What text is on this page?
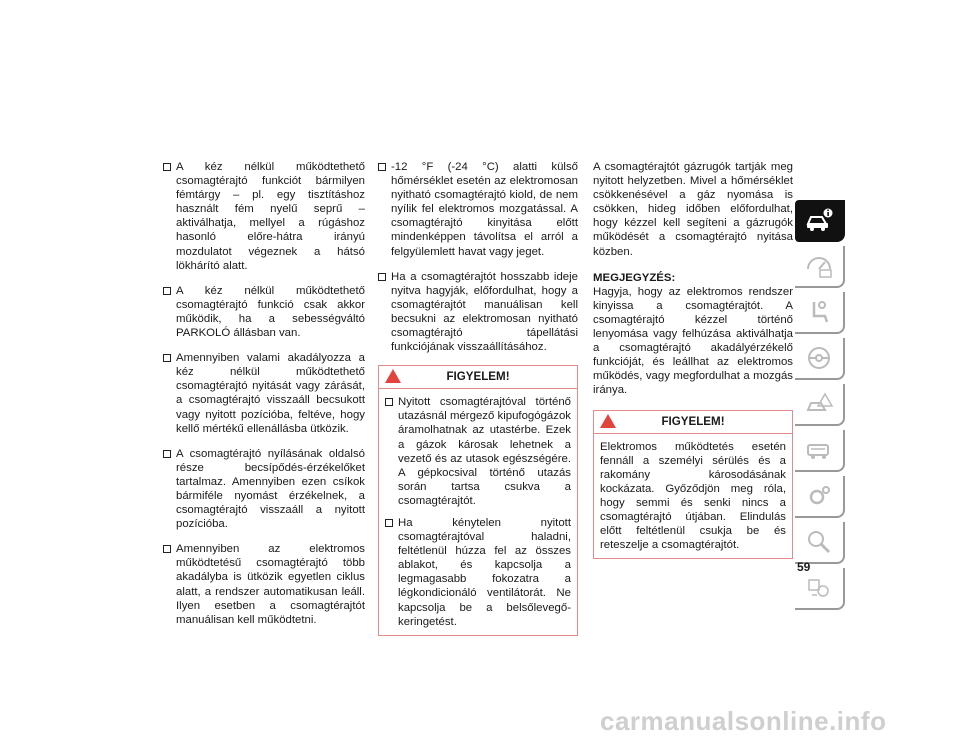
A kéz nélkül működtethető csomagtérajtó funkciót bármilyen fémtárgy – pl. egy tisztításhoz használt fém nyelű seprű – aktiválhatja, mellyel a rúgáshoz hasonló előre-hátra irányú mozdulatot végeznek a hátsó lökhárító alatt.
A kéz nélkül működtethető csomagtérajtó funkció csak akkor működik, ha a sebességváltó PARKOLÓ állásban van.
Amennyiben valami akadályozza a kéz nélkül működtethető csomagtérajtó nyitását vagy zárását, a csomagtérajtó visszaáll becsukott vagy nyitott pozícióba, feltéve, hogy kellő mértékű ellenállásba ütközik.
A csomagtérajtó nyílásának oldalsó része becsípődés-érzékelőket tartalmaz. Amennyiben ezen csíkok bármiféle nyomást érzékelnek, a csomagtérajtó visszaáll a nyitott pozícióba.
Amennyiben az elektromos működtetésű csomagtérajtó több akadályba is ütközik egyetlen ciklus alatt, a rendszer automatikusan leáll. Ilyen esetben a csomagtérajtót manuálisan kell működtetni.
-12 °F (-24 °C) alatti külső hőmérséklet esetén az elektromosan nyitható csomagtérajtó kiold, de nem nyílik fel elektromos mozgatással. A csomagtérajtó kinyitása előtt mindenképpen távolítsa el arról a felgyülemlett havat vagy jeget.
Ha a csomagtérajtót hosszabb ideje nyitva hagyják, előfordulhat, hogy a csomagtérajtót manuálisan kell becsukni az elektromosan nyitható csomagtérajtó tápellátási funkciójának visszaállításához.
FIGYELEM!
Nyitott csomagtérajtóval történő utazásnál mérgező kipufogógázok áramolhatnak az utastérbe. Ezek a gázok károsak lehetnek a vezető és az utasok egészségére. A gépkocsival történő utazás során tartsa csukva a csomagtérajtót.
Ha kénytelen nyitott csomagtérajtóval haladni, feltétlenül húzza fel az összes ablakot, és kapcsolja a legmagasabb fokozatra a légkondicionáló ventilátorát. Ne kapcsolja be a belsőlevegő-keringetést.
A csomagtérajtót gázrugók tartják meg nyitott helyzetben. Mivel a hőmérséklet csökkenésével a gáz nyomása is csökken, hideg időben előfordulhat, hogy kézzel kell segíteni a gázrugók működését a csomagtérajtó nyitása közben.
MEGJEGYZÉS:
Hagyja, hogy az elektromos rendszer kinyissa a csomagtérajtót. A csomagtérajtó kézzel történő lenyomása vagy felhúzása aktiválhatja a csomagtérajtó akadályérzékelő funkcióját, és leállhat az elektromos működés, vagy megfordulhat a mozgás iránya.
FIGYELEM!
Elektromos működtetés esetén fennáll a személyi sérülés és a rakomány károsodásának kockázata. Győződjön meg róla, hogy semmi és senki nincs a csomagtérajtó útjában. Elindulás előtt feltétlenül csukja be és reteszelje a csomagtérajtót.
59
carmanualsonline.info
